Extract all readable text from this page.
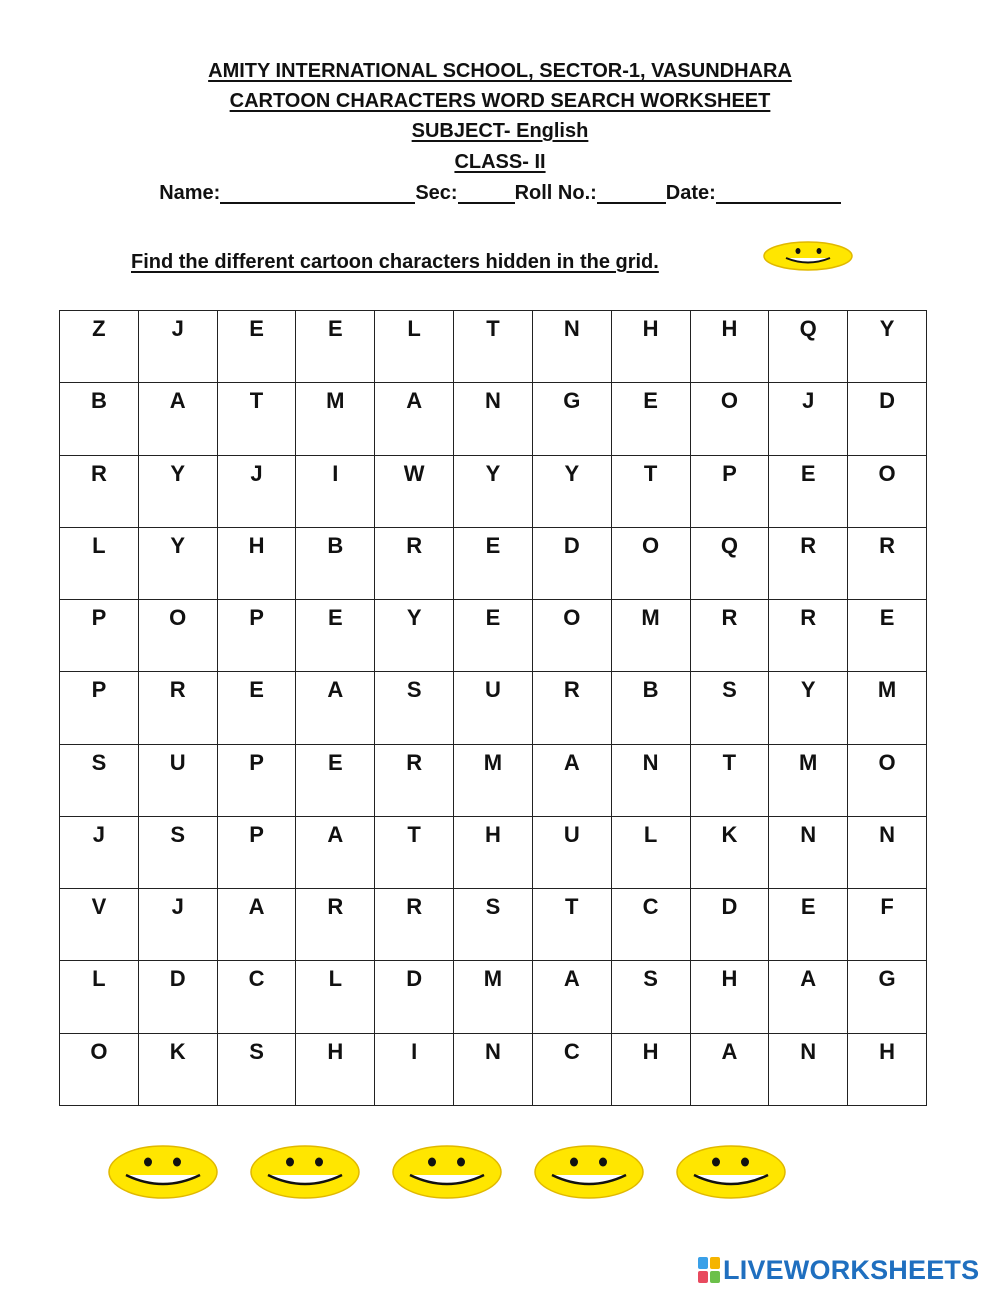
AMITY INTERNATIONAL SCHOOL, SECTOR-1, VASUNDHARA
CARTOON CHARACTERS WORD SEARCH WORKSHEET
SUBJECT- English
CLASS- II
Name:	Sec:	Roll No.:	Date:
Find the different cartoon characters hidden in the grid.
Z	J	E	E	L	T	N	H	H	Q	Y
B	A	T	M	A	N	G	E	O	J	D
R	Y	J	I	W	Y	Y	T	P	E	O
L	Y	H	B	R	E	D	O	Q	R	R
P	O	P	E	Y	E	O	M	R	R	E
P	R	E	A	S	U	R	B	S	Y	M
S	U	P	E	R	M	A	N	T	M	O
J	S	P	A	T	H	U	L	K	N	N
V	J	A	R	R	S	T	C	D	E	F
L	D	C	L	D	M	A	S	H	A	G
O	K	S	H	I	N	C	H	A	N	H
LIVEWORKSHEETS
